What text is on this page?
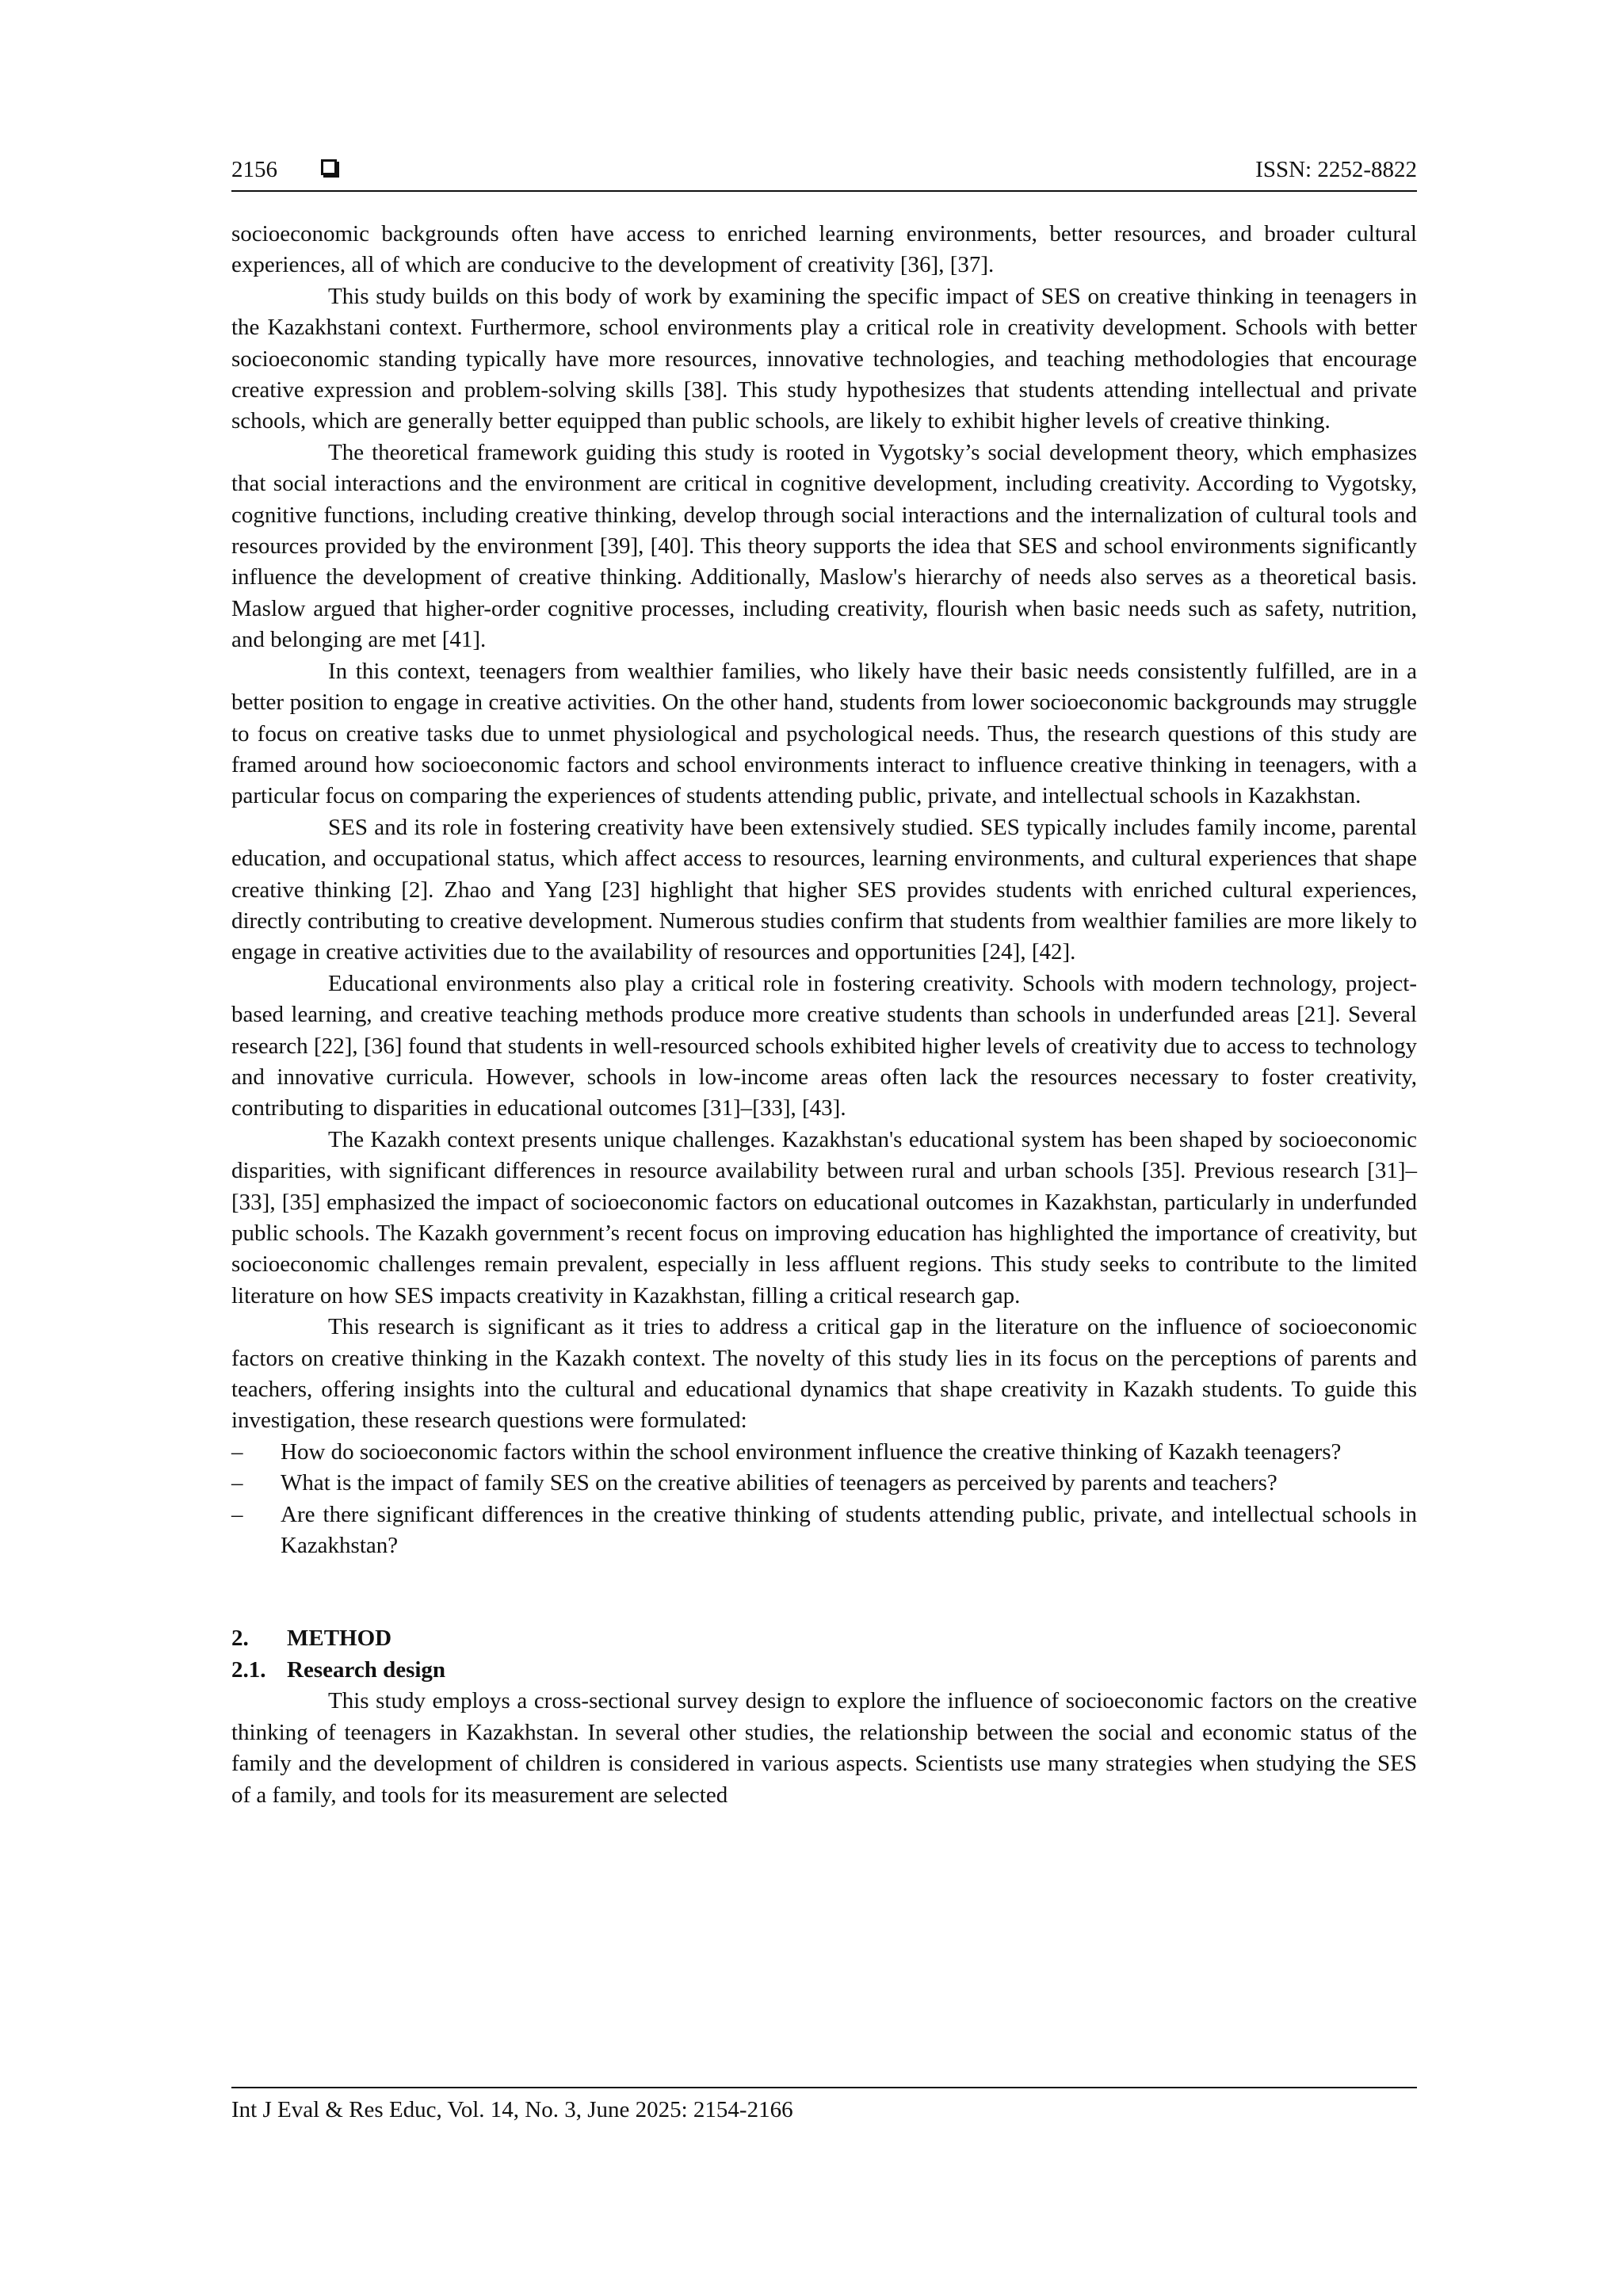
2156	ISSN: 2252-8822

socioeconomic backgrounds often have access to enriched learning environments, better resources, and broader cultural experiences, all of which are conducive to the development of creativity [36], [37].

This study builds on this body of work by examining the specific impact of SES on creative thinking in teenagers in the Kazakhstani context. Furthermore, school environments play a critical role in creativity development. Schools with better socioeconomic standing typically have more resources, innovative technologies, and teaching methodologies that encourage creative expression and problem-solving skills [38]. This study hypothesizes that students attending intellectual and private schools, which are generally better equipped than public schools, are likely to exhibit higher levels of creative thinking.

The theoretical framework guiding this study is rooted in Vygotsky’s social development theory, which emphasizes that social interactions and the environment are critical in cognitive development, including creativity. According to Vygotsky, cognitive functions, including creative thinking, develop through social interactions and the internalization of cultural tools and resources provided by the environment [39], [40]. This theory supports the idea that SES and school environments significantly influence the development of creative thinking. Additionally, Maslow's hierarchy of needs also serves as a theoretical basis. Maslow argued that higher-order cognitive processes, including creativity, flourish when basic needs such as safety, nutrition, and belonging are met [41].

In this context, teenagers from wealthier families, who likely have their basic needs consistently fulfilled, are in a better position to engage in creative activities. On the other hand, students from lower socioeconomic backgrounds may struggle to focus on creative tasks due to unmet physiological and psychological needs. Thus, the research questions of this study are framed around how socioeconomic factors and school environments interact to influence creative thinking in teenagers, with a particular focus on comparing the experiences of students attending public, private, and intellectual schools in Kazakhstan.

SES and its role in fostering creativity have been extensively studied. SES typically includes family income, parental education, and occupational status, which affect access to resources, learning environments, and cultural experiences that shape creative thinking [2]. Zhao and Yang [23] highlight that higher SES provides students with enriched cultural experiences, directly contributing to creative development. Numerous studies confirm that students from wealthier families are more likely to engage in creative activities due to the availability of resources and opportunities [24], [42].

Educational environments also play a critical role in fostering creativity. Schools with modern technology, project-based learning, and creative teaching methods produce more creative students than schools in underfunded areas [21]. Several research [22], [36] found that students in well-resourced schools exhibited higher levels of creativity due to access to technology and innovative curricula. However, schools in low-income areas often lack the resources necessary to foster creativity, contributing to disparities in educational outcomes [31]–[33], [43].

The Kazakh context presents unique challenges. Kazakhstan's educational system has been shaped by socioeconomic disparities, with significant differences in resource availability between rural and urban schools [35]. Previous research [31]–[33], [35] emphasized the impact of socioeconomic factors on educational outcomes in Kazakhstan, particularly in underfunded public schools. The Kazakh government’s recent focus on improving education has highlighted the importance of creativity, but socioeconomic challenges remain prevalent, especially in less affluent regions. This study seeks to contribute to the limited literature on how SES impacts creativity in Kazakhstan, filling a critical research gap.

This research is significant as it tries to address a critical gap in the literature on the influence of socioeconomic factors on creative thinking in the Kazakh context. The novelty of this study lies in its focus on the perceptions of parents and teachers, offering insights into the cultural and educational dynamics that shape creativity in Kazakh students. To guide this investigation, these research questions were formulated:

– How do socioeconomic factors within the school environment influence the creative thinking of Kazakh teenagers?
– What is the impact of family SES on the creative abilities of teenagers as perceived by parents and teachers?
– Are there significant differences in the creative thinking of students attending public, private, and intellectual schools in Kazakhstan?

2. METHOD

2.1. Research design

This study employs a cross-sectional survey design to explore the influence of socioeconomic factors on the creative thinking of teenagers in Kazakhstan. In several other studies, the relationship between the social and economic status of the family and the development of children is considered in various aspects. Scientists use many strategies when studying the SES of a family, and tools for its measurement are selected

Int J Eval & Res Educ, Vol. 14, No. 3, June 2025: 2154-2166
